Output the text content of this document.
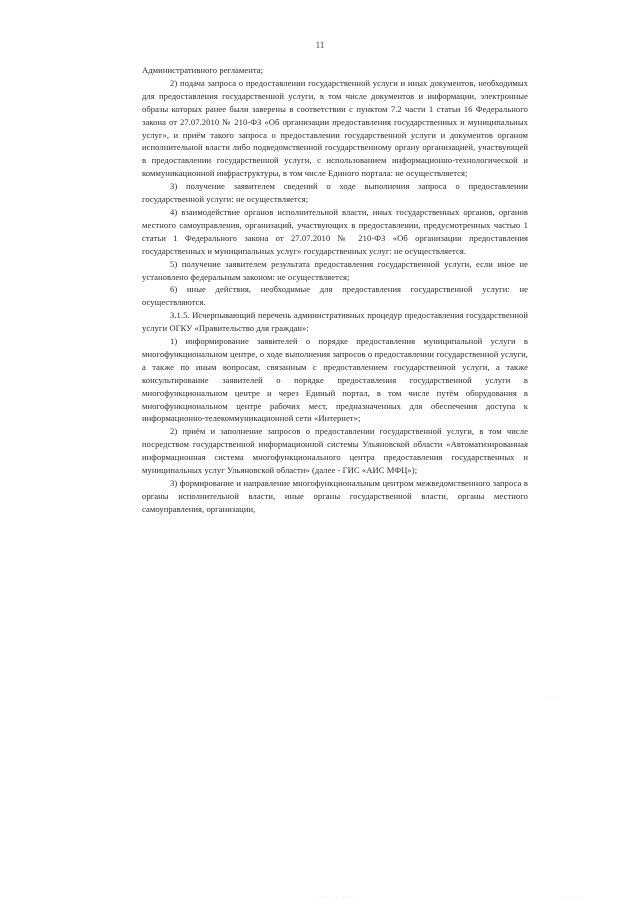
11

Административного регламента;

2) подача запроса о предоставлении государственной услуги и иных документов, необходимых для предоставления государственной услуги, в том числе документов и информации, электронные образы которых ранее были заверены в соответствии с пунктом 7.2 части 1 статьи 16 Федерального закона от 27.07.2010 № 210-ФЗ «Об организации предоставления государственных и муниципальных услуг», и приём такого запроса о предоставлении государственной услуги и документов органом исполнительной власти либо подведомственной государственному органу организацией, участвующей в предоставлении государственной услуги, с использованием информационно-технологической и коммуникационной инфраструктуры, в том числе Единого портала: не осуществляется;

3) получение заявителем сведений о ходе выполнения запроса о предоставлении государственной услуги: не осуществляется;

4) взаимодействие органов исполнительной власти, иных государственных органов, органов местного самоуправления, организаций, участвующих в предоставлении, предусмотренных частью 1 статьи 1 Федерального закона от 27.07.2010 № 210-ФЗ «Об организации предоставления государственных и муниципальных услуг» государственных услуг: не осуществляется.

5) получение заявителем результата предоставления государственной услуги, если иное не установлено федеральным законом: не осуществляется;

6) иные действия, необходимые для предоставления государственной услуги: не осуществляются.

3.1.5. Исчерпывающий перечень административных процедур предоставления государственной услуги ОГКУ «Правительство для граждан»:

1) информирование заявителей о порядке предоставления муниципальной услуги в многофункциональном центре, о ходе выполнения запросов о предоставлении государственной услуги, а также по иным вопросам, связанным с предоставлением государственной услуги, а также консультирование заявителей о порядке предоставления государственной услуги в многофункциональном центре и через Единый портал, в том числе путём оборудования в многофункциональном центре рабочих мест, предназначенных для обеспечения доступа к информационно-телекоммуникационной сети «Интернет»;

2) приём и заполнение запросов о предоставлении государственной услуги, в том числе посредством государственной информационной системы Ульяновской области «Автоматизированная информационная система многофункционального центра предоставления государственных и муниципальных услуг Ульяновской области» (далее - ГИС «АИС МФЦ»);

3) формирование и направление многофункциональным центром межведомственного запроса в органы исполнительной власти, иные органы государственной власти, органы местного самоуправления, организации,

. .
. . . . . . . . .	. . . . .
